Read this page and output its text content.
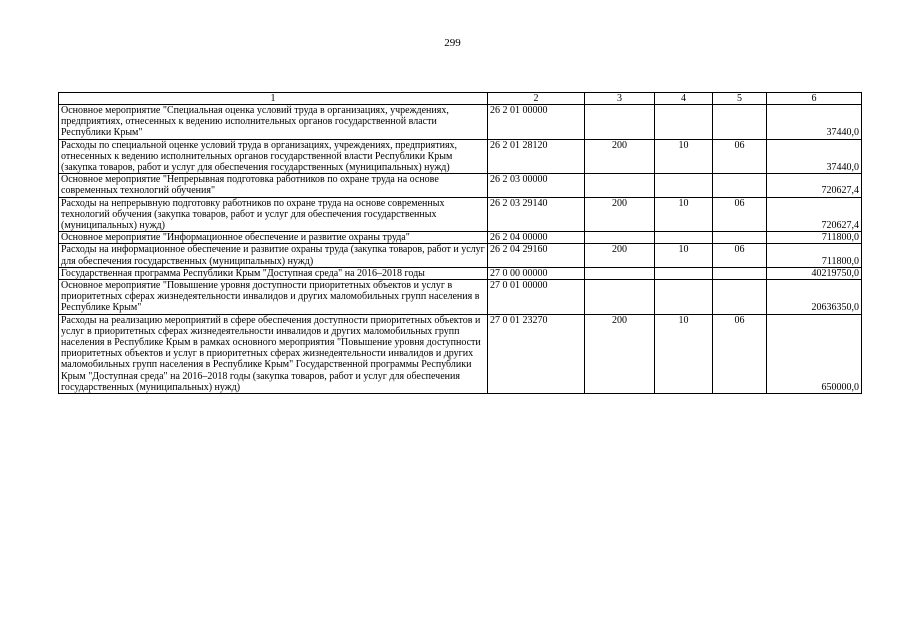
299
1	2	3	4	5	6
Основное мероприятие "Специальная оценка условий труда в организациях, учреждениях, предприятиях, отнесенных к ведению исполнительных органов государственной власти Республики Крым"	26 2 01 00000				37440,0
Расходы по специальной оценке условий труда в организациях, учреждениях, предприятиях, отнесенных к ведению исполнительных органов государственной власти Республики Крым (закупка товаров, работ и услуг для обеспечения государственных (муниципальных) нужд)	26 2 01 28120	200	10	06	37440,0
Основное мероприятие "Непрерывная подготовка работников по охране труда на основе современных технологий обучения"	26 2 03 00000				720627,4
Расходы на непрерывную подготовку работников по охране труда на основе современных технологий обучения (закупка товаров, работ и услуг для обеспечения государственных (муниципальных) нужд)	26 2 03 29140	200	10	06	720627,4
Основное мероприятие "Информационное обеспечение и развитие охраны труда"	26 2 04 00000				711800,0
Расходы на информационное обеспечение и развитие охраны труда (закупка товаров, работ и услуг для обеспечения государственных (муниципальных) нужд)	26 2 04 29160	200	10	06	711800,0
Государственная программа Республики Крым "Доступная среда" на 2016–2018 годы	27 0 00 00000				40219750,0
Основное мероприятие "Повышение уровня доступности приоритетных объектов и услуг в приоритетных сферах жизнедеятельности инвалидов и других маломобильных групп населения в Республике Крым"	27 0 01 00000				20636350,0
Расходы на реализацию мероприятий в сфере обеспечения доступности приоритетных объектов и услуг в приоритетных сферах жизнедеятельности инвалидов и других маломобильных групп населения в Республике Крым в рамках основного мероприятия "Повышение уровня доступности приоритетных объектов и услуг в приоритетных сферах жизнедеятельности инвалидов и других маломобильных групп населения в Республике Крым" Государственной программы Республики Крым "Доступная среда" на 2016–2018 годы (закупка товаров, работ и услуг для обеспечения государственных (муниципальных) нужд)	27 0 01 23270	200	10	06	650000,0
